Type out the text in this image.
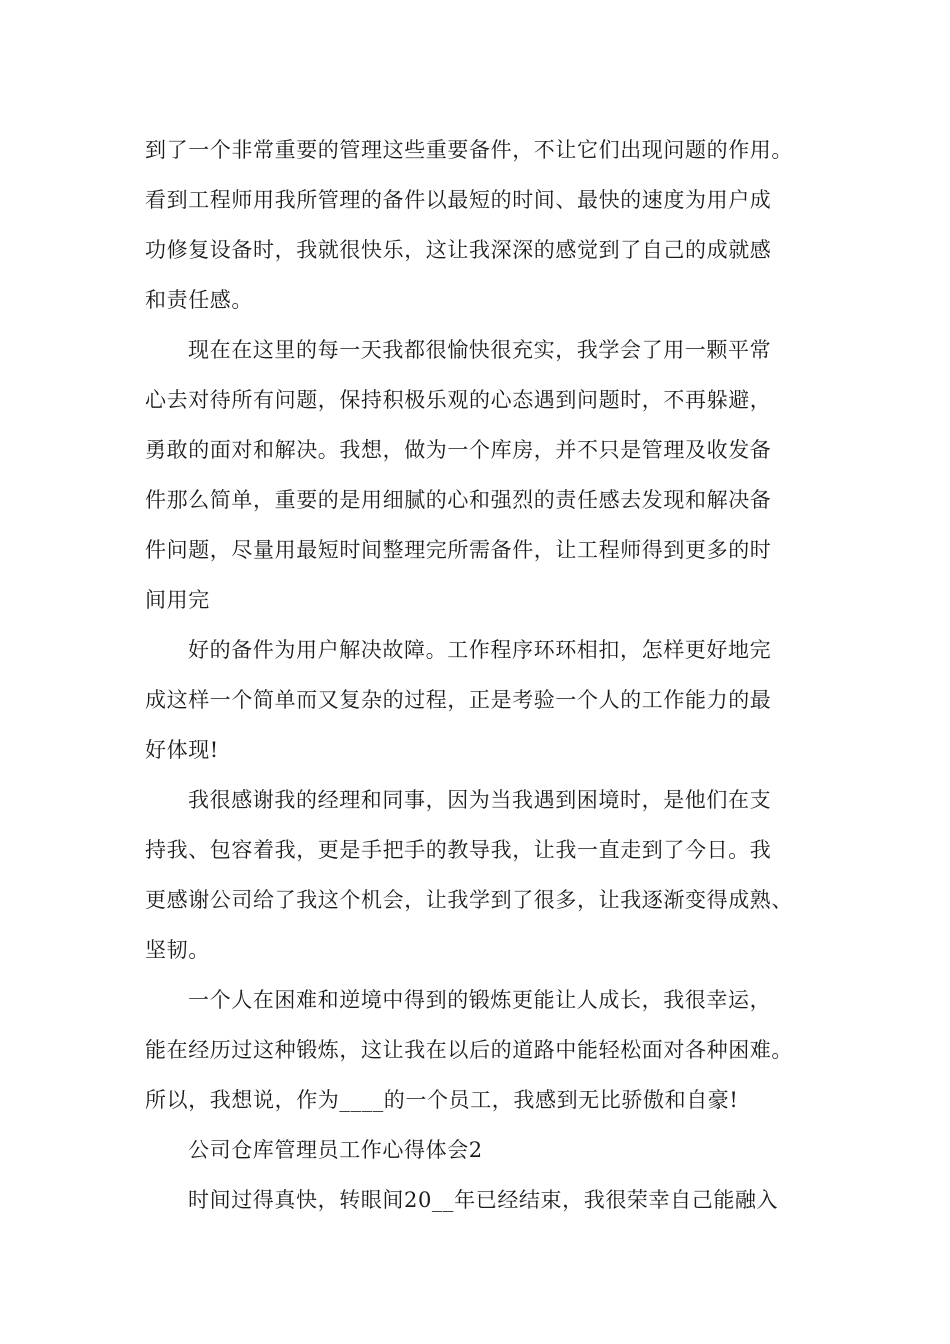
到了一个非常重要的管理这些重要备件，不让它们出现问题的作用。

看到工程师用我所管理的备件以最短的时间、最快的速度为用户成

功修复设备时，我就很快乐，这让我深深的感觉到了自己的成就感

和责任感。

现在在这里的每一天我都很愉快很充实，我学会了用一颗平常

心去对待所有问题，保持积极乐观的心态遇到问题时，不再躲避，

勇敢的面对和解决。我想，做为一个库房，并不只是管理及收发备

件那么简单，重要的是用细腻的心和强烈的责任感去发现和解决备

件问题，尽量用最短时间整理完所需备件，让工程师得到更多的时

间用完

好的备件为用户解决故障。工作程序环环相扣，怎样更好地完

成这样一个简单而又复杂的过程，正是考验一个人的工作能力的最

好体现!

我很感谢我的经理和同事，因为当我遇到困境时，是他们在支

持我、包容着我，更是手把手的教导我，让我一直走到了今日。我

更感谢公司给了我这个机会，让我学到了很多，让我逐渐变得成熟、

坚韧。

一个人在困难和逆境中得到的锻炼更能让人成长，我很幸运，

能在经历过这种锻炼，这让我在以后的道路中能轻松面对各种困难。

所以，我想说，作为____的一个员工，我感到无比骄傲和自豪!

公司仓库管理员工作心得体会2

时间过得真快，转眼间20__年已经结束，我很荣幸自己能融入
